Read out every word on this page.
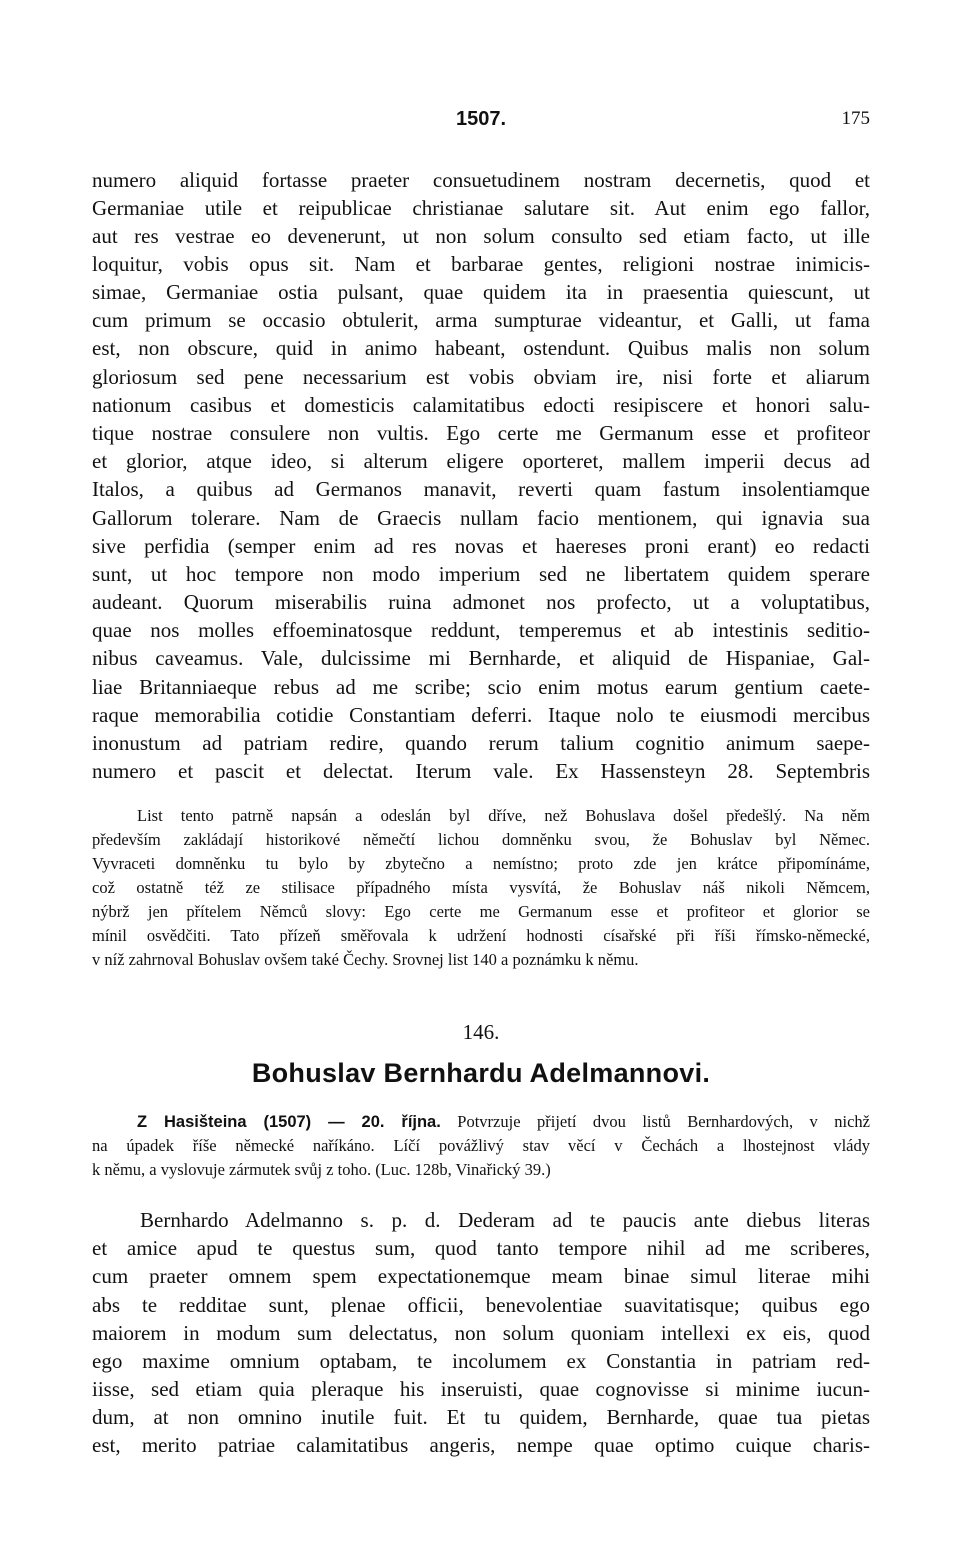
1507.	175
numero aliquid fortasse praeter consuetudinem nostram decernetis, quod et
Germaniae utile et reipublicae christianae salutare sit. Aut enim ego fallor,
aut res vestrae eo devenerunt, ut non solum consulto sed etiam facto, ut ille
loquitur, vobis opus sit. Nam et barbarae gentes, religioni nostrae inimicis-
simae, Germaniae ostia pulsant, quae quidem ita in praesentia quiescunt, ut
cum primum se occasio obtulerit, arma sumpturae videantur, et Galli, ut fama
est, non obscure, quid in animo habeant, ostendunt. Quibus malis non solum
gloriosum sed pene necessarium est vobis obviam ire, nisi forte et aliarum
nationum casibus et domesticis calamitatibus edocti resipiscere et honori salu-
tique nostrae consulere non vultis. Ego certe me Germanum esse et profiteor
et glorior, atque ideo, si alterum eligere oporteret, mallem imperii decus ad
Italos, a quibus ad Germanos manavit, reverti quam fastum insolentiamque
Gallorum tolerare. Nam de Graecis nullam facio mentionem, qui ignavia sua
sive perfidia (semper enim ad res novas et haereses proni erant) eo redacti
sunt, ut hoc tempore non modo imperium sed ne libertatem quidem sperare
audeant. Quorum miserabilis ruina admonet nos profecto, ut a voluptatibus,
quae nos molles effoeminatosque reddunt, temperemus et ab intestinis seditio-
nibus caveamus. Vale, dulcissime mi Bernharde, et aliquid de Hispaniae, Gal-
liae Britanniaeque rebus ad me scribe; scio enim motus earum gentium caete-
raque memorabilia cotidie Constantiam deferri. Itaque nolo te eiusmodi mercibus
inonustum ad patriam redire, quando rerum talium cognitio animum saepe-
numero et pascit et delectat. Iterum vale. Ex Hassensteyn 28. Septembris
List tento patrně napsán a odeslán byl dříve, než Bohuslava došel předešlý. Na něm
především zakládají historikové němečtí lichou domněnku svou, že Bohuslav byl Němec.
Vyvraceti domněnku tu bylo by zbytečno a nemístno; proto zde jen krátce připomínáme,
což ostatně též ze stilisace případného místa vysvítá, že Bohuslav náš nikoli Němcem,
nýbrž jen přítelem Němců slovy: Ego certe me Germanum esse et profiteor et glorior se
mínil osvědčiti. Tato přízeň směřovala k udržení hodnosti císařské při říši římsko-německé,
v níž zahrnoval Bohuslav ovšem také Čechy. Srovnej list 140 a poznámku k němu.
146.
Bohuslav Bernhardu Adelmannovi.
Z Hasišteina (1507) — 20. října. Potvrzuje přijetí dvou listů Bernhardových, v nichž
na úpadek říše německé naříkáno. Líčí povážlivý stav věcí v Čechách a lhostejnost vlády
k němu, a vyslovuje zármutek svůj z toho. (Luc. 128b, Vinařický 39.)
Bernhardo Adelmanno s. p. d. Dederam ad te paucis ante diebus literas
et amice apud te questus sum, quod tanto tempore nihil ad me scriberes,
cum praeter omnem spem expectationemque meam binae simul literae mihi
abs te redditae sunt, plenae officii, benevolentiae suavitatisque; quibus ego
maiorem in modum sum delectatus, non solum quoniam intellexi ex eis, quod
ego maxime omnium optabam, te incolumem ex Constantia in patriam red-
iisse, sed etiam quia pleraque his inseruisti, quae cognovisse si minime iucun-
dum, at non omnino inutile fuit. Et tu quidem, Bernharde, quae tua pietas
est, merito patriae calamitatibus angeris, nempe quae optimo cuique charis-
